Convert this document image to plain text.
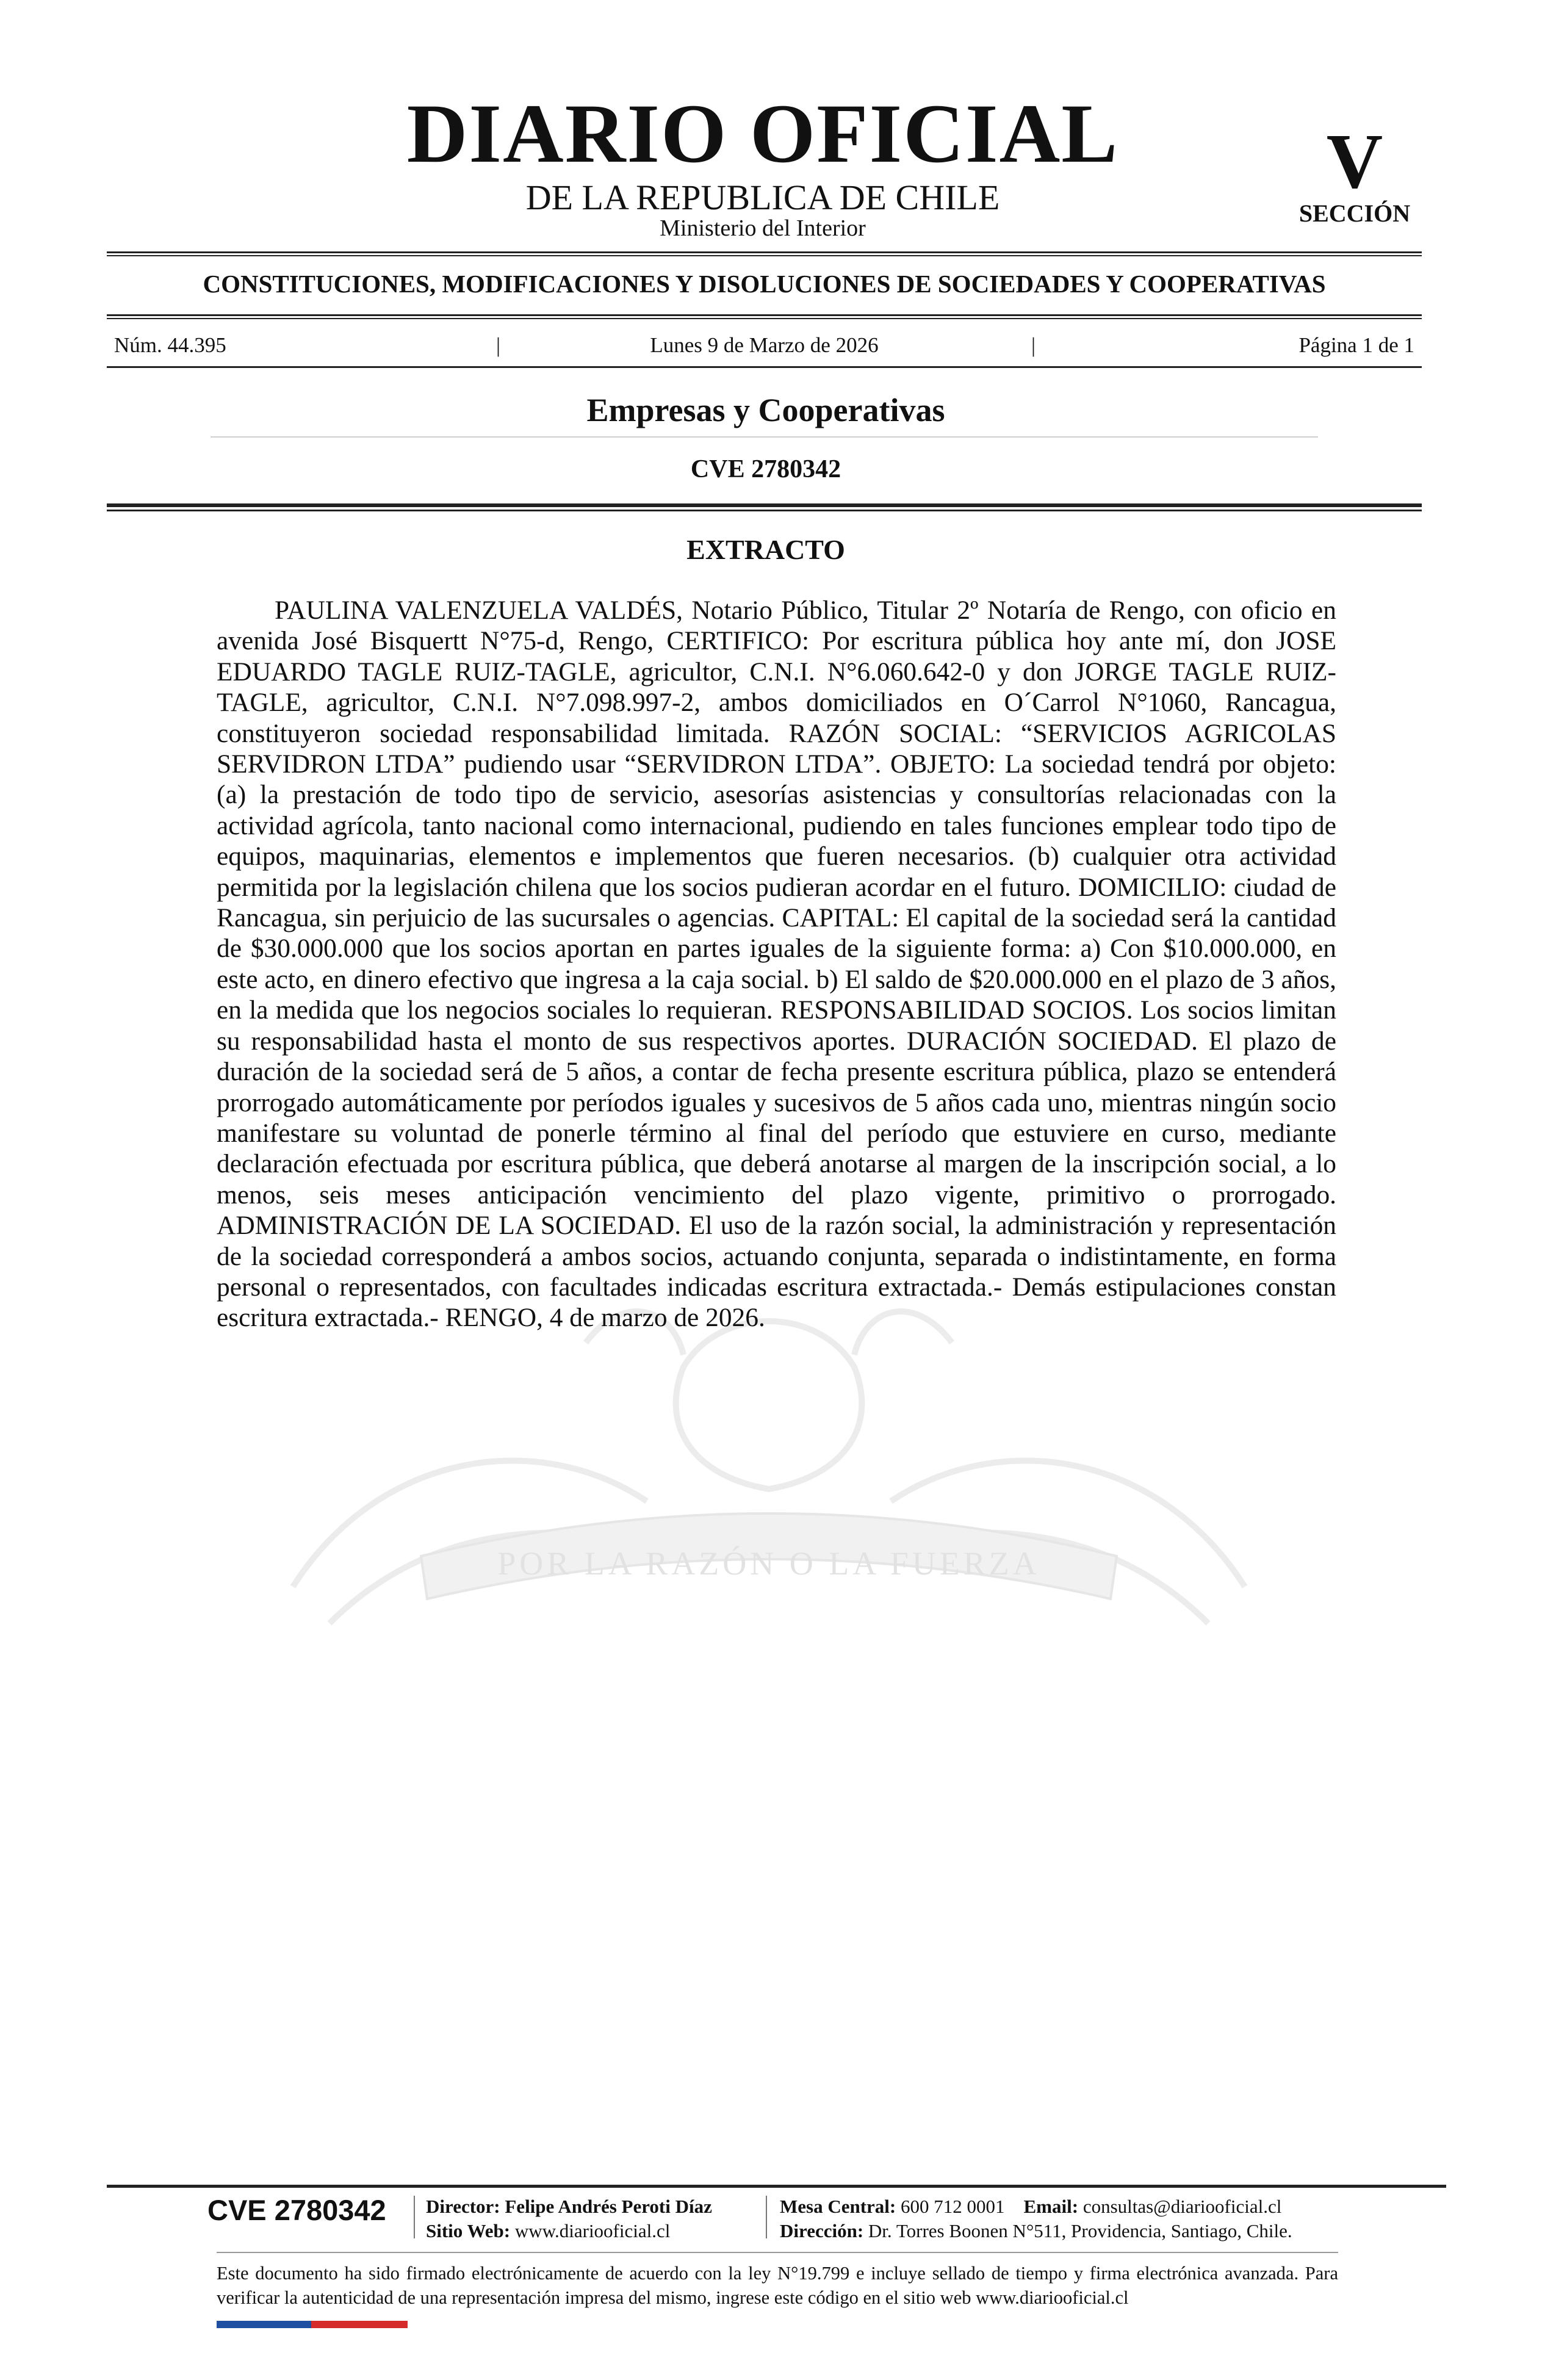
DIARIO OFICIAL
DE LA REPUBLICA DE CHILE
Ministerio del Interior
V
SECCIÓN
CONSTITUCIONES, MODIFICACIONES Y DISOLUCIONES DE SOCIEDADES Y COOPERATIVAS
Núm. 44.395	|	Lunes 9 de Marzo de 2026	|	Página 1 de 1
Empresas y Cooperativas
CVE 2780342
EXTRACTO
POR LA RAZÓN O LA FUERZA

PAULINA VALENZUELA VALDÉS, Notario Público, Titular 2º Notaría de Rengo, con oficio en avenida José Bisquertt N°75-d, Rengo, CERTIFICO: Por escritura pública hoy ante mí, don JOSE EDUARDO TAGLE RUIZ-TAGLE, agricultor, C.N.I. N°6.060.642-0 y don JORGE TAGLE RUIZ-TAGLE, agricultor, C.N.I. N°7.098.997-2, ambos domiciliados en O´Carrol N°1060, Rancagua, constituyeron sociedad responsabilidad limitada. RAZÓN SOCIAL: “SERVICIOS AGRICOLAS SERVIDRON LTDA” pudiendo usar “SERVIDRON LTDA”. OBJETO: La sociedad tendrá por objeto: (a) la prestación de todo tipo de servicio, asesorías asistencias y consultorías relacionadas con la actividad agrícola, tanto nacional como internacional, pudiendo en tales funciones emplear todo tipo de equipos, maquinarias, elementos e implementos que fueren necesarios. (b) cualquier otra actividad permitida por la legislación chilena que los socios pudieran acordar en el futuro. DOMICILIO: ciudad de Rancagua, sin perjuicio de las sucursales o agencias. CAPITAL: El capital de la sociedad será la cantidad de $30.000.000 que los socios aportan en partes iguales de la siguiente forma: a) Con $10.000.000, en este acto, en dinero efectivo que ingresa a la caja social. b) El saldo de $20.000.000 en el plazo de 3 años, en la medida que los negocios sociales lo requieran. RESPONSABILIDAD SOCIOS. Los socios limitan su responsabilidad hasta el monto de sus respectivos aportes. DURACIÓN SOCIEDAD. El plazo de duración de la sociedad será de 5 años, a contar de fecha presente escritura pública, plazo se entenderá prorrogado automáticamente por períodos iguales y sucesivos de 5 años cada uno, mientras ningún socio manifestare su voluntad de ponerle término al final del período que estuviere en curso, mediante declaración efectuada por escritura pública, que deberá anotarse al margen de la inscripción social, a lo menos, seis meses anticipación vencimiento del plazo vigente, primitivo o prorrogado. ADMINISTRACIÓN DE LA SOCIEDAD. El uso de la razón social, la administración y representación de la sociedad corresponderá a ambos socios, actuando conjunta, separada o indistintamente, en forma personal o representados, con facultades indicadas escritura extractada.- Demás estipulaciones constan escritura extractada.- RENGO, 4 de marzo de 2026.

CVE 2780342 Director: Felipe Andrés Peroti Díaz
Sitio Web: www.diariooficial.cl
Mesa Central: 600 712 0001 Email: consultas@diariooficial.cl
Dirección: Dr. Torres Boonen N°511, Providencia, Santiago, Chile.

Este documento ha sido firmado electrónicamente de acuerdo con la ley N°19.799 e incluye sellado de tiempo y firma electrónica avanzada. Para verificar la autenticidad de una representación impresa del mismo, ingrese este código en el sitio web www.diariooficial.cl
